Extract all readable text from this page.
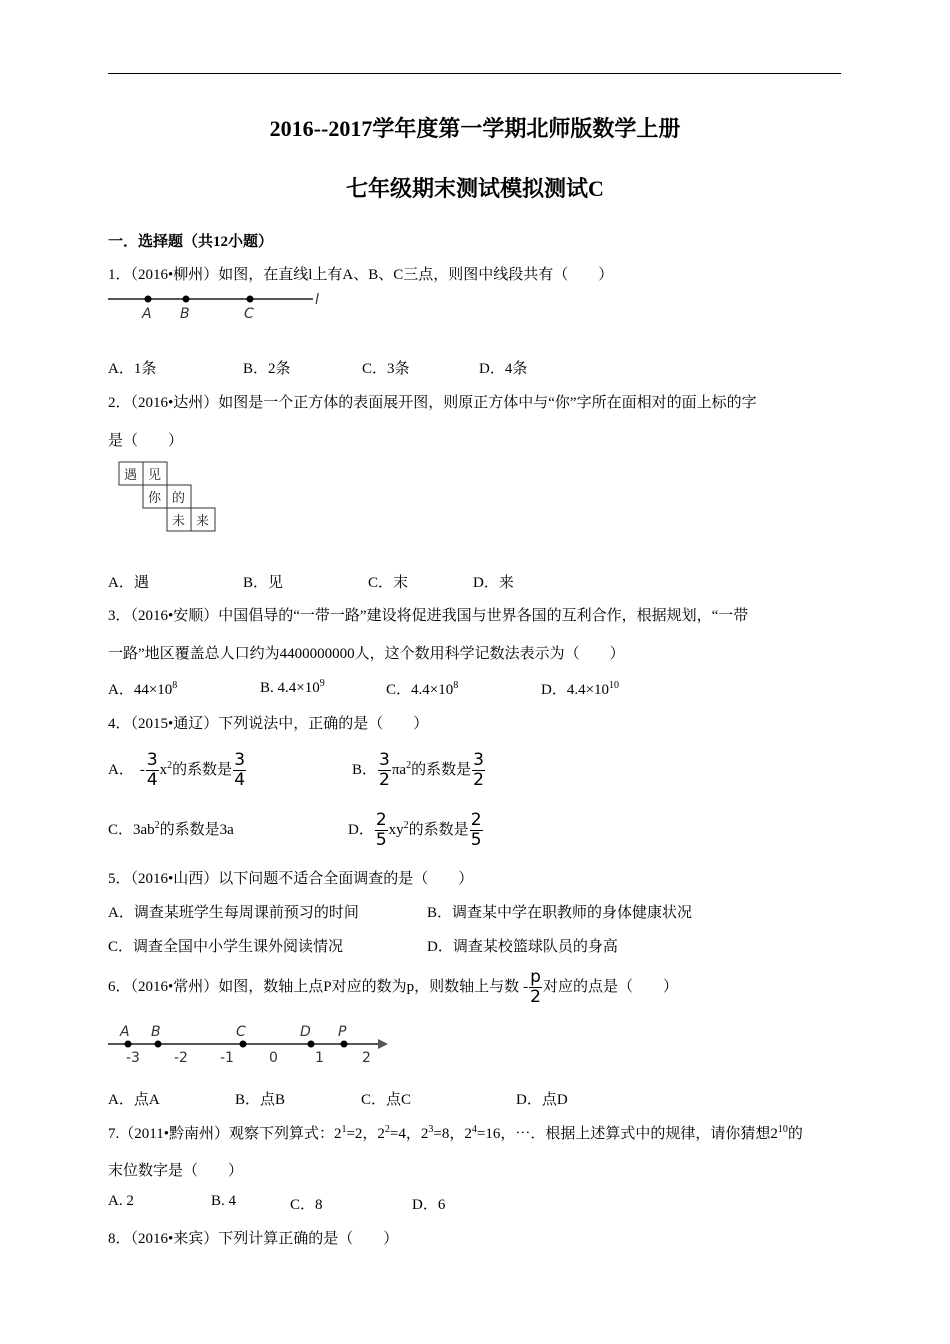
2016--2017学年度第一学期北师版数学上册
七年级期末测试模拟测试C
一．选择题（共12小题）
1．（2016•柳州）如图，在直线l上有A、B、C三点，则图中线段共有（　　）
A B	C
l
A．1条	B．2条	C．3条	D．4条
2．（2016•达州）如图是一个正方体的表面展开图，则原正方体中与“你”字所在面相对的面上标的字
是（　　）
遇 见
你 的
未 来
A．遇	B．见	C．末	D．来
3．（2016•安顺）中国倡导的“一带一路”建设将促进我国与世界各国的互利合作，根据规划，“一带
一路”地区覆盖总人口约为4400000000人，这个数用科学记数法表示为（　　）
A．$44\times 10^8$	B. $4.4\times 10^9$	C．$4.4\times 10^8$	D．$4.4\times 10^{10}$
4．（2015•通辽）下列说法中，正确的是（　　）
A． - $\frac{3}{4} x^2$的系数是 $\frac{3}{4}$	B． $\frac{3}{2} \pi a^2$的系数是 $\frac{3}{2}$
C．$3ab^2$的系数是3a	D． $\frac{2}{5} xy^2$的系数是 $\frac{2}{5}$
5．（2016•山西）以下问题不适合全面调查的是（　　）
A．调查某班学生每周课前预习的时间	B．调查某中学在职教师的身体健康状况
C．调查全国中小学生课外阅读情况	D．调查某校篮球队员的身高
6．（2016•常州）如图，数轴上点P对应的数为p，则数轴上与数 - $\frac{p}{2}$ 对应的点是（　　）
A B	C	D P
-3 -2 -1	0	1	2
A．点A	B．点B	C．点C	D．点D
7.（2011•黔南州）观察下列算式：$2^1=2$，$2^2=4$，$2^3=8$，$2^4=16$，⋯．根据上述算式中的规律，请你猜想$2^{10}$的
末位数字是（　　）
A. 2	B. 4	C．8	D．6
8．（2016•来宾）下列计算正确的是（　　）
